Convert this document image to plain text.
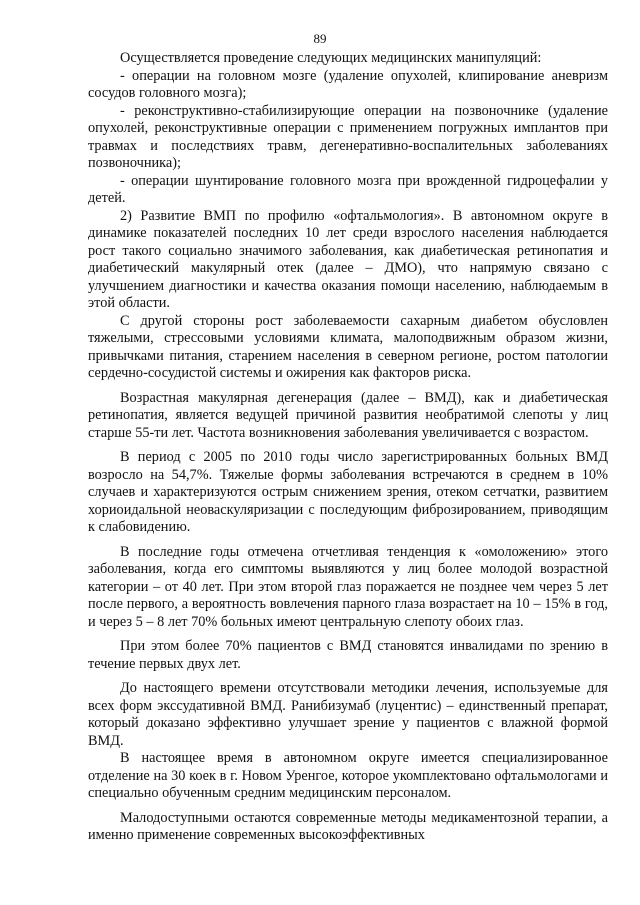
89

Осуществляется проведение следующих медицинских манипуляций:

- операции на головном мозге (удаление опухолей, клипирование аневризм сосудов головного мозга);

- реконструктивно-стабилизирующие операции на позвоночнике (удаление опухолей, реконструктивные операции с применением погружных имплантов при травмах и последствиях травм, дегенеративно-воспалительных заболеваниях позвоночника);

- операции шунтирование головного мозга при врожденной гидроцефалии у детей.

2) Развитие ВМП по профилю «офтальмология». В автономном округе в динамике показателей последних 10 лет среди взрослого населения наблюдается рост такого социально значимого заболевания, как диабетическая ретинопатия и диабетический макулярный отек (далее – ДМО), что напрямую связано с улучшением диагностики и качества оказания помощи населению, наблюдаемым в этой области.

С другой стороны рост заболеваемости сахарным диабетом обусловлен тяжелыми, стрессовыми условиями климата, малоподвижным образом жизни, привычками питания, старением населения в северном регионе, ростом патологии сердечно-сосудистой системы и ожирения как факторов риска.

Возрастная макулярная дегенерация (далее – ВМД), как и диабетическая ретинопатия, является ведущей причиной развития необратимой слепоты у лиц старше 55-ти лет. Частота возникновения заболевания увеличивается с возрастом.

В период с 2005 по 2010 годы число зарегистрированных больных ВМД возросло на 54,7%. Тяжелые формы заболевания встречаются в среднем в 10% случаев и характеризуются острым снижением зрения, отеком сетчатки, развитием хориоидальной неоваскуляризации с последующим фиброзированием, приводящим к слабовидению.

В последние годы отмечена отчетливая тенденция к «омоложению» этого заболевания, когда его симптомы выявляются у лиц более молодой возрастной категории – от 40 лет. При этом второй глаз поражается не позднее чем через 5 лет после первого, а вероятность вовлечения парного глаза возрастает на 10 – 15% в год, и через 5 – 8 лет 70% больных имеют центральную слепоту обоих глаз.

При этом более 70% пациентов с ВМД становятся инвалидами по зрению в течение первых двух лет.

До настоящего времени отсутствовали методики лечения, используемые для всех форм экссудативной ВМД. Ранибизумаб (луцентис) – единственный препарат, который доказано эффективно улучшает зрение у пациентов с влажной формой ВМД.

В настоящее время в автономном округе имеется специализированное отделение на 30 коек в г. Новом Уренгое, которое укомплектовано офтальмологами и специально обученным средним медицинским персоналом.

Малодоступными остаются современные методы медикаментозной терапии, а именно применение современных высокоэффективных
